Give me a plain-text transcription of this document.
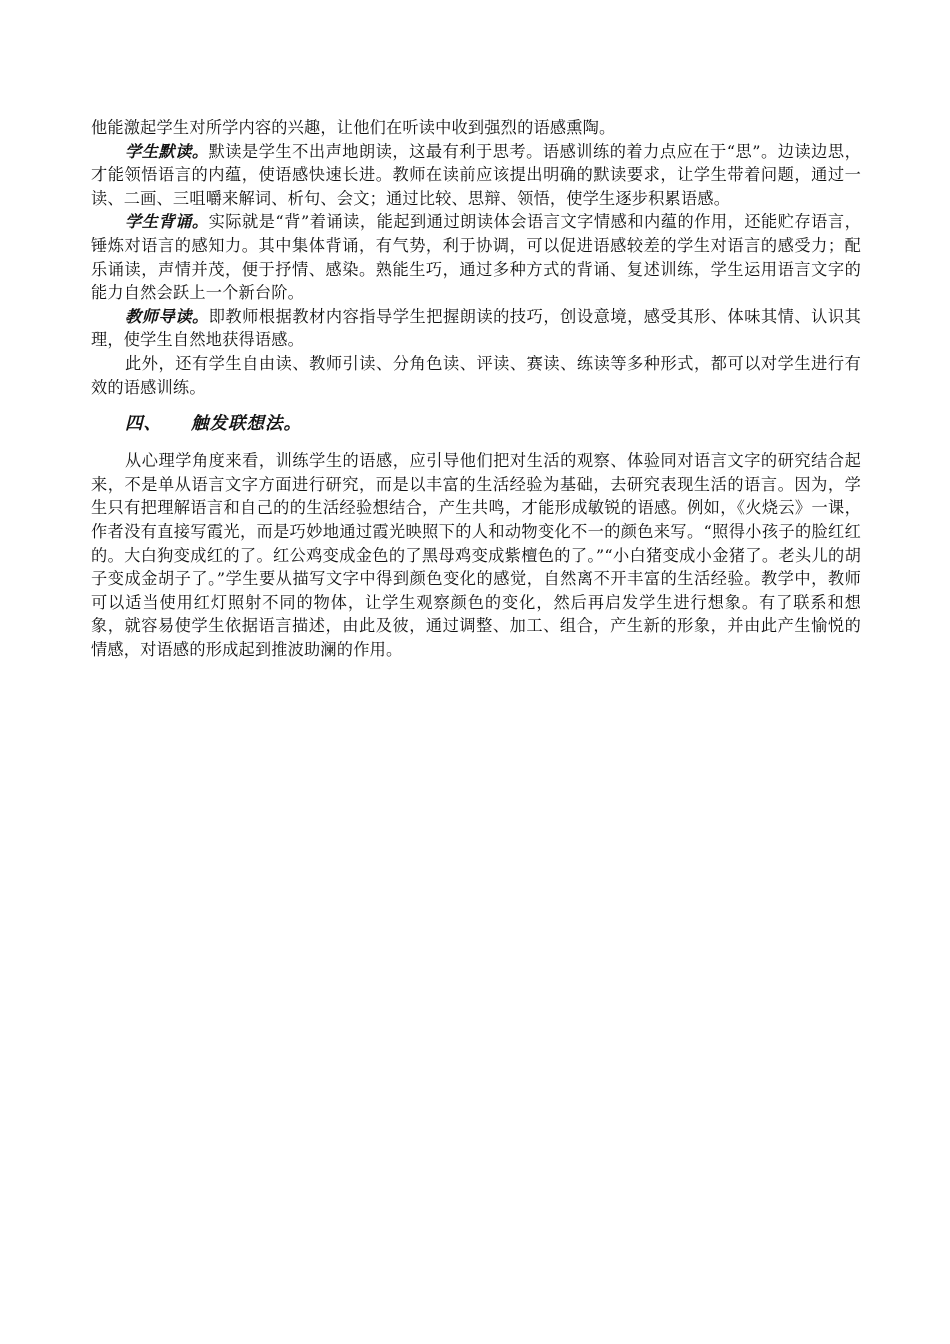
他能激起学生对所学内容的兴趣，让他们在听读中收到强烈的语感熏陶。

学生默读。默读是学生不出声地朗读，这最有利于思考。语感训练的着力点应在于“思”。边读边思，才能领悟语言的内蕴，使语感快速长进。教师在读前应该提出明确的默读要求，让学生带着问题，通过一读、二画、三咀嚼来解词、析句、会文；通过比较、思辩、领悟，使学生逐步积累语感。

学生背诵。实际就是“背”着诵读，能起到通过朗读体会语言文字情感和内蕴的作用，还能贮存语言，锤炼对语言的感知力。其中集体背诵，有气势，利于协调，可以促进语感较差的学生对语言的感受力；配乐诵读，声情并茂，便于抒情、感染。熟能生巧，通过多种方式的背诵、复述训练，学生运用语言文字的能力自然会跃上一个新台阶。

教师导读。即教师根据教材内容指导学生把握朗读的技巧，创设意境，感受其形、体味其情、认识其理，使学生自然地获得语感。

此外，还有学生自由读、教师引读、分角色读、评读、赛读、练读等多种形式，都可以对学生进行有效的语感训练。

四、 触发联想法。

从心理学角度来看，训练学生的语感，应引导他们把对生活的观察、体验同对语言文字的研究结合起来，不是单从语言文字方面进行研究，而是以丰富的生活经验为基础，去研究表现生活的语言。因为，学生只有把理解语言和自己的的生活经验想结合，产生共鸣，才能形成敏锐的语感。例如，《火烧云》一课，作者没有直接写霞光，而是巧妙地通过霞光映照下的人和动物变化不一的颜色来写。“照得小孩子的脸红红的。大白狗变成红的了。红公鸡变成金色的了黑母鸡变成紫檀色的了。”“小白猪变成小金猪了。老头儿的胡子变成金胡子了。”学生要从描写文字中得到颜色变化的感觉，自然离不开丰富的生活经验。教学中，教师可以适当使用红灯照射不同的物体，让学生观察颜色的变化，然后再启发学生进行想象。有了联系和想象，就容易使学生依据语言描述，由此及彼，通过调整、加工、组合，产生新的形象，并由此产生愉悦的情感，对语感的形成起到推波助澜的作用。
